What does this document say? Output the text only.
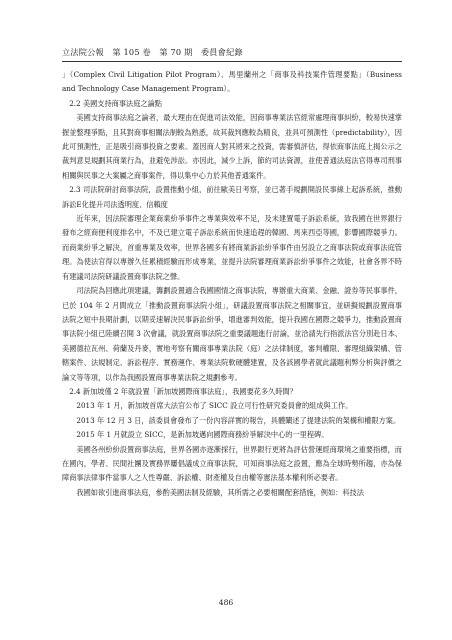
立法院公報　第 105 卷　第 70 期　委員會紀錄

」（Complex Civil Litigation Pilot Program）、馬里蘭州之「商事及科技案件管理要點」（Business and Technology Case Management Program）。

2.2 美國支持商事法庭之論點

美國支持商事法庭之論者，最大理由在促進司法效能，因商事專業法官經常處理商事糾紛，較易快速掌握並整理爭點，且其對商事相關法制較為熟悉，故其裁判應較為精良，並具可預測性（predictability），因此可預測性，正是吸引商事投資之要素。蓋因商人對其將來之投資，需審慎評估，得依商事法庭上揭公示之裁判意見規劃其商業行為，並避免涉訟。亦因此，減少上訴，節約司法資源，並使普通法庭法官得專司刑事相關與民事之大案屬之商事案件，得以集中心力於其他普通案件。

2.3 司法院研討商事法院，設置推動小組，前往歐美日考察，並已著手規劃開設民事線上起訴系統，推動訴訟E化提升司法透明度、信賴度

近年來，因法院審理企業商業紛爭事件之專業與效率不足，及未建置電子訴訟系統，致我國在世界銀行發布之經商便利度排名中，不及已建立電子訴訟系統而快速追趕的韓國、馬來西亞等國，影響國際競爭力。而商業紛爭之解決，首重專業及效率，世界各國多有將商業訴訟紛爭事件由另設立之商事法院或商事法庭管理。為使法官得以專辦久任累積經驗而形成專業，並提升法院審理商業訴訟紛爭事件之效能，社會各界不時有建議司法院研議設置商事法院之聲。

司法院為回應此項建議，籌劃設置適合我國國情之商事法院，專辦重大商業、金融、證券等民事事件，已於 104 年 2 月間成立「推動設置商事法院小組」，研議設置商事法院之相關事宜，並研擬規劃設置商事法院之短中長期計劃，以期妥速解決民事訴訟紛爭，增進審判效能，提升我國在國際之競爭力，推動設置商事法院小組已陸續召開 3 次會議，就設置商事法院之重要議題進行討論，並洽請先行指派法官分別赴日本、美國德拉瓦州、荷蘭及丹麥，實地考察有關商事專業法院（庭）之法律制度，審判權限、審理組織架構、管轄案件、法規制定、訴訟程序、實務運作、專業法院軟硬體建置，及各該國學者就此議題利弊分析與評價之論文等等項，以作為我國設置商事專業法院之規劃參考。

2.4 新加坡僅 2 年就設置「新加坡國際商事法庭」，我國要花多久時間？

2013 年 1 月，新加坡首席大法官公布了 SICC 設立可行性研究委員會的組成與工作。

2013 年 12 月 3 日，該委員會發布了一份內容詳實的報告，具體闡述了提建法院的架構和權限方案。

2015 年 1 月就設立 SICC，是新加坡邁向國際商務紛爭解決中心的一里程碑。

美國各州紛紛設置商事法庭，世界各國亦逐漸採行，世界銀行更將為評估營運經商環境之重要指標，而在國內，學者、民間社團及實務界屢倡議成立商事法院，可知商事法庭之設置，應為全球時勢所趨，亦為保障商事法律事件當事人之人性尊嚴、訴訟權、財產權及自由權等憲法基本權利所必要者。

我國如欲引進商事法庭，參酌美國法制及經驗，其所需之必要相關配套措施，例如：科技法

486
